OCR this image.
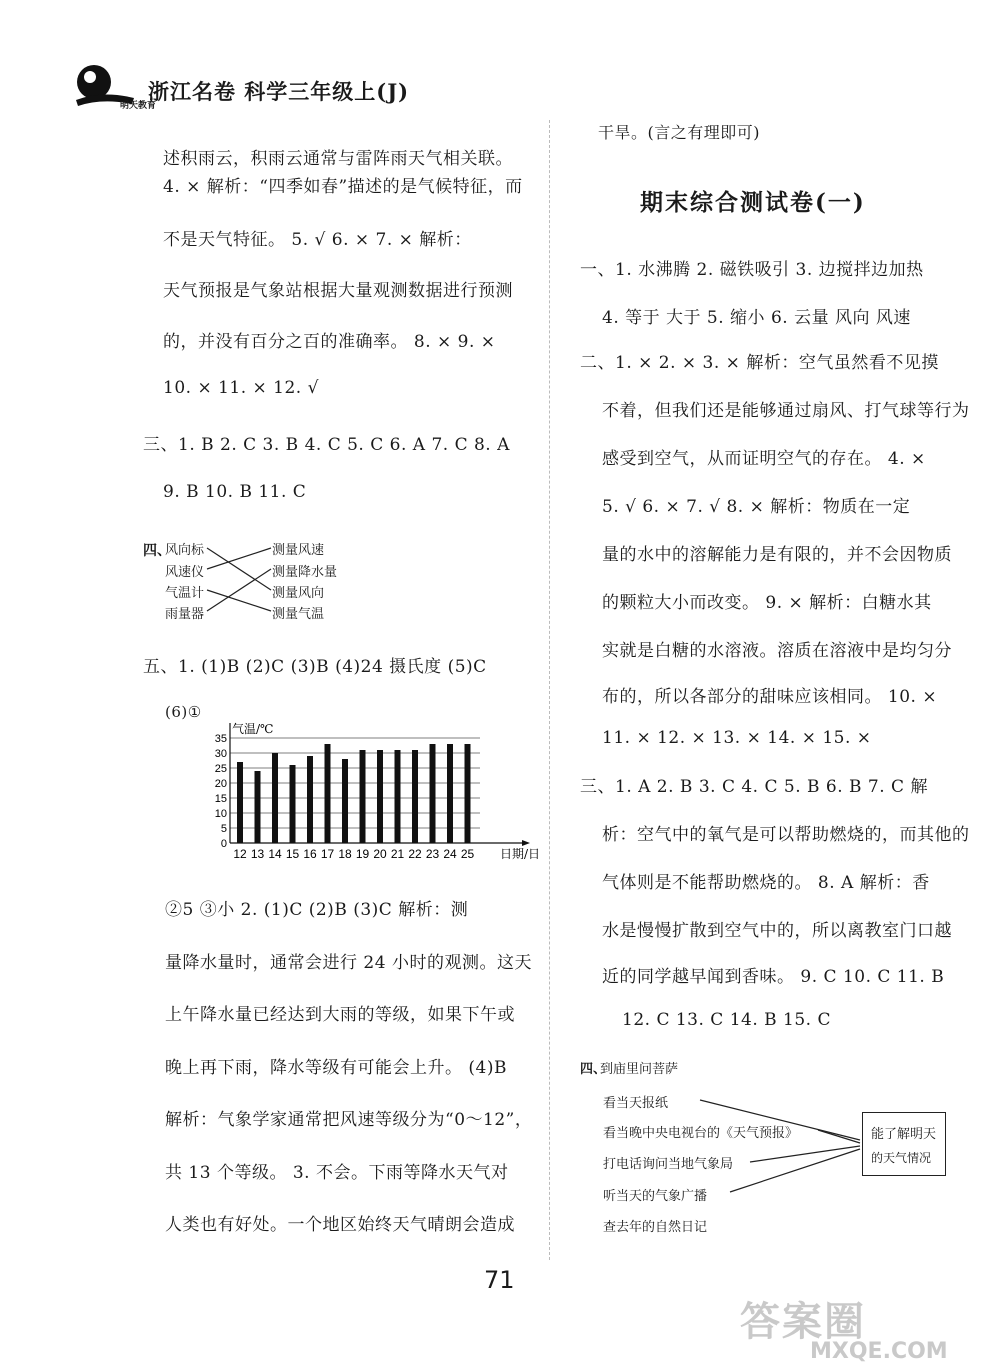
明天教育
浙江名卷 科学三年级上(J)
述积雨云，积雨云通常与雷阵雨天气相关联。
4. × 解析：“四季如春”描述的是气候特征，而
不是天气特征。 5. √ 6. × 7. × 解析：
天气预报是气象站根据大量观测数据进行预测
的，并没有百分之百的准确率。 8. × 9. ×
10. × 11. × 12. √
三、1. B 2. C 3. B 4. C 5. C 6. A 7. C 8. A
9. B 10. B 11. C
四、
风向标
风速仪
气温计
雨量器
测量风速
测量降水量
测量风向
测量气温
五、1. (1)B (2)C (3)B (4)24 摄氏度 (5)C
(6)①
0
5
10
15
20
25
30
35
气温/℃
12 13 14 15 16 17 18 19 20 21 22 23 24 25 日期/日
②5 ③小 2. (1)C (2)B (3)C 解析：测
量降水量时，通常会进行 24 小时的观测。这天
上午降水量已经达到大雨的等级，如果下午或
晚上再下雨，降水等级有可能会上升。 (4)B
解析：气象学家通常把风速等级分为“0～12”，
共 13 个等级。 3. 不会。下雨等降水天气对
人类也有好处。一个地区始终天气晴朗会造成
干旱。(言之有理即可)
期末综合测试卷(一)
一、1. 水沸腾 2. 磁铁吸引 3. 边搅拌边加热
4. 等于 大于 5. 缩小 6. 云量 风向 风速
二、1. × 2. × 3. × 解析：空气虽然看不见摸
不着，但我们还是能够通过扇风、打气球等行为
感受到空气，从而证明空气的存在。 4. ×
5. √ 6. × 7. √ 8. × 解析：物质在一定
量的水中的溶解能力是有限的，并不会因物质
的颗粒大小而改变。 9. × 解析：白糖水其
实就是白糖的水溶液。溶质在溶液中是均匀分
布的，所以各部分的甜味应该相同。 10. ×
11. × 12. × 13. × 14. × 15. ×
三、1. A 2. B 3. C 4. C 5. B 6. B 7. C 解
析：空气中的氧气是可以帮助燃烧的，而其他的
气体则是不能帮助燃烧的。 8. A 解析：香
水是慢慢扩散到空气中的，所以离教室门口越
近的同学越早闻到香味。 9. C 10. C 11. B
12. C 13. C 14. B 15. C
四、
到庙里问菩萨
看当天报纸
看当晚中央电视台的《天气预报》
打电话询问当地气象局
听当天的气象广播
查去年的自然日记
能了解明天
的天气情况
71
答案圈
MXQE.COM
